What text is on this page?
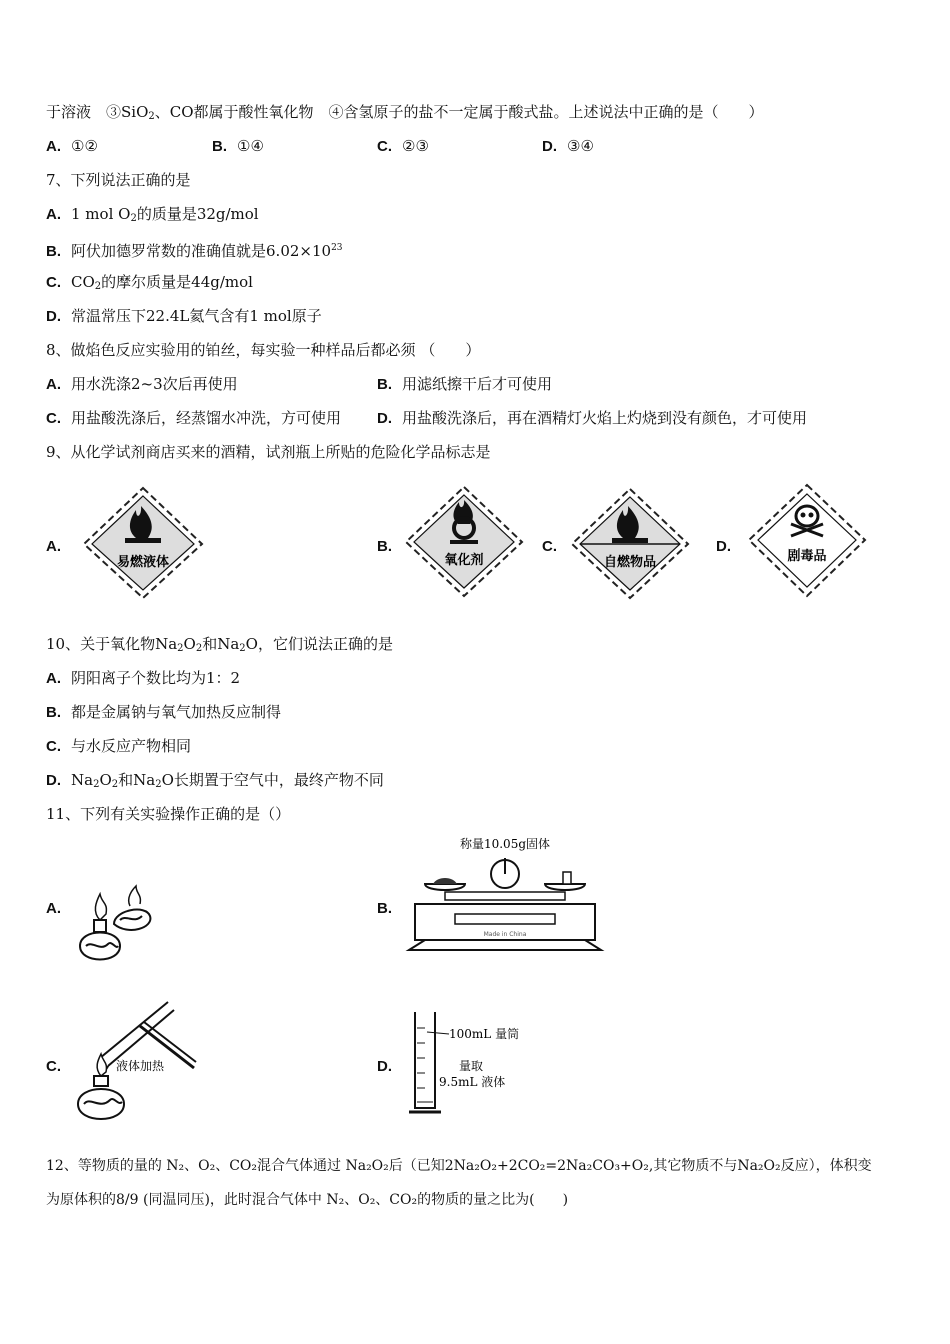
于溶液　③SiO$_2$、CO都属于酸性氧化物　④含氢原子的盐不一定属于酸式盐。上述说法中正确的是（　　）
A. ①②	B. ①④	C. ②③	D. ③④
7、下列说法正确的是
A. 1 mol $O_2$的质量是32g/mol
B. 阿伏加德罗常数的准确值就是$6.02\times 10^{23}$
C. $CO_2$的摩尔质量是44g/mol
D. 常温常压下22.4L氦气含有1 mol原子
8、做焰色反应实验用的铂丝，每实验一种样品后都必须 （　　）
A. 用水洗涤2~3次后再使用	B. 用滤纸擦干后才可使用
C. 用盐酸洗涤后，经蒸馏水冲洗，方可使用 D. 用盐酸洗涤后，再在酒精灯火焰上灼烧到没有颜色，才可使用
9、从化学试剂商店买来的酒精，试剂瓶上所贴的危险化学品标志是
A.
易燃液体
B.
氧化剂
C.
自燃物品
D.
剧毒品
10、关于氧化物$Na_2O_2$和$Na_2O$，它们说法正确的是
A. 阴阳离子个数比均为1：2
B. 都是金属钠与氧气加热反应制得
C. 与水反应产物相同
D. $Na_2O_2$和$Na_2O$长期置于空气中，最终产物不同
11、下列有关实验操作正确的是（）
A.	B.
称量10.05g固体
Made in China
C.	液体加热	D.
100mL 量筒
量取
9.5mL 液体
12、等物质的量的 N₂、O₂、CO₂混合气体通过 Na₂O₂后（已知2Na₂O₂+2CO₂=2Na₂CO₃+O₂,其它物质不与Na₂O₂反应），体积变
为原体积的8/9 (同温同压)，此时混合气体中 N₂、O₂、CO₂的物质的量之比为(　　)
